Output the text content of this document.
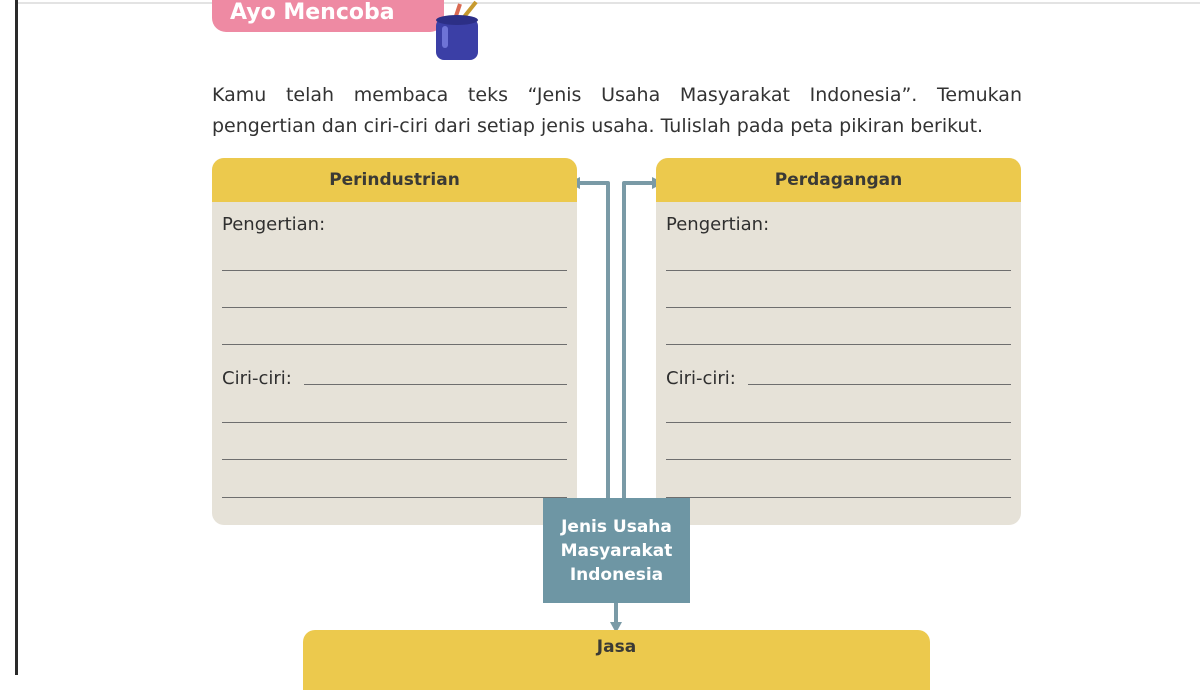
Ayo Mencoba
Kamu telah membaca teks “Jenis Usaha Masyarakat Indonesia”. Temukan pengertian dan ciri-ciri dari setiap jenis usaha. Tulislah pada peta pikiran berikut.
Perindustrian
Pengertian:
Ciri-ciri:
Perdagangan
Pengertian:
Ciri-ciri:
Jenis Usaha
Masyarakat
Indonesia
Jasa
